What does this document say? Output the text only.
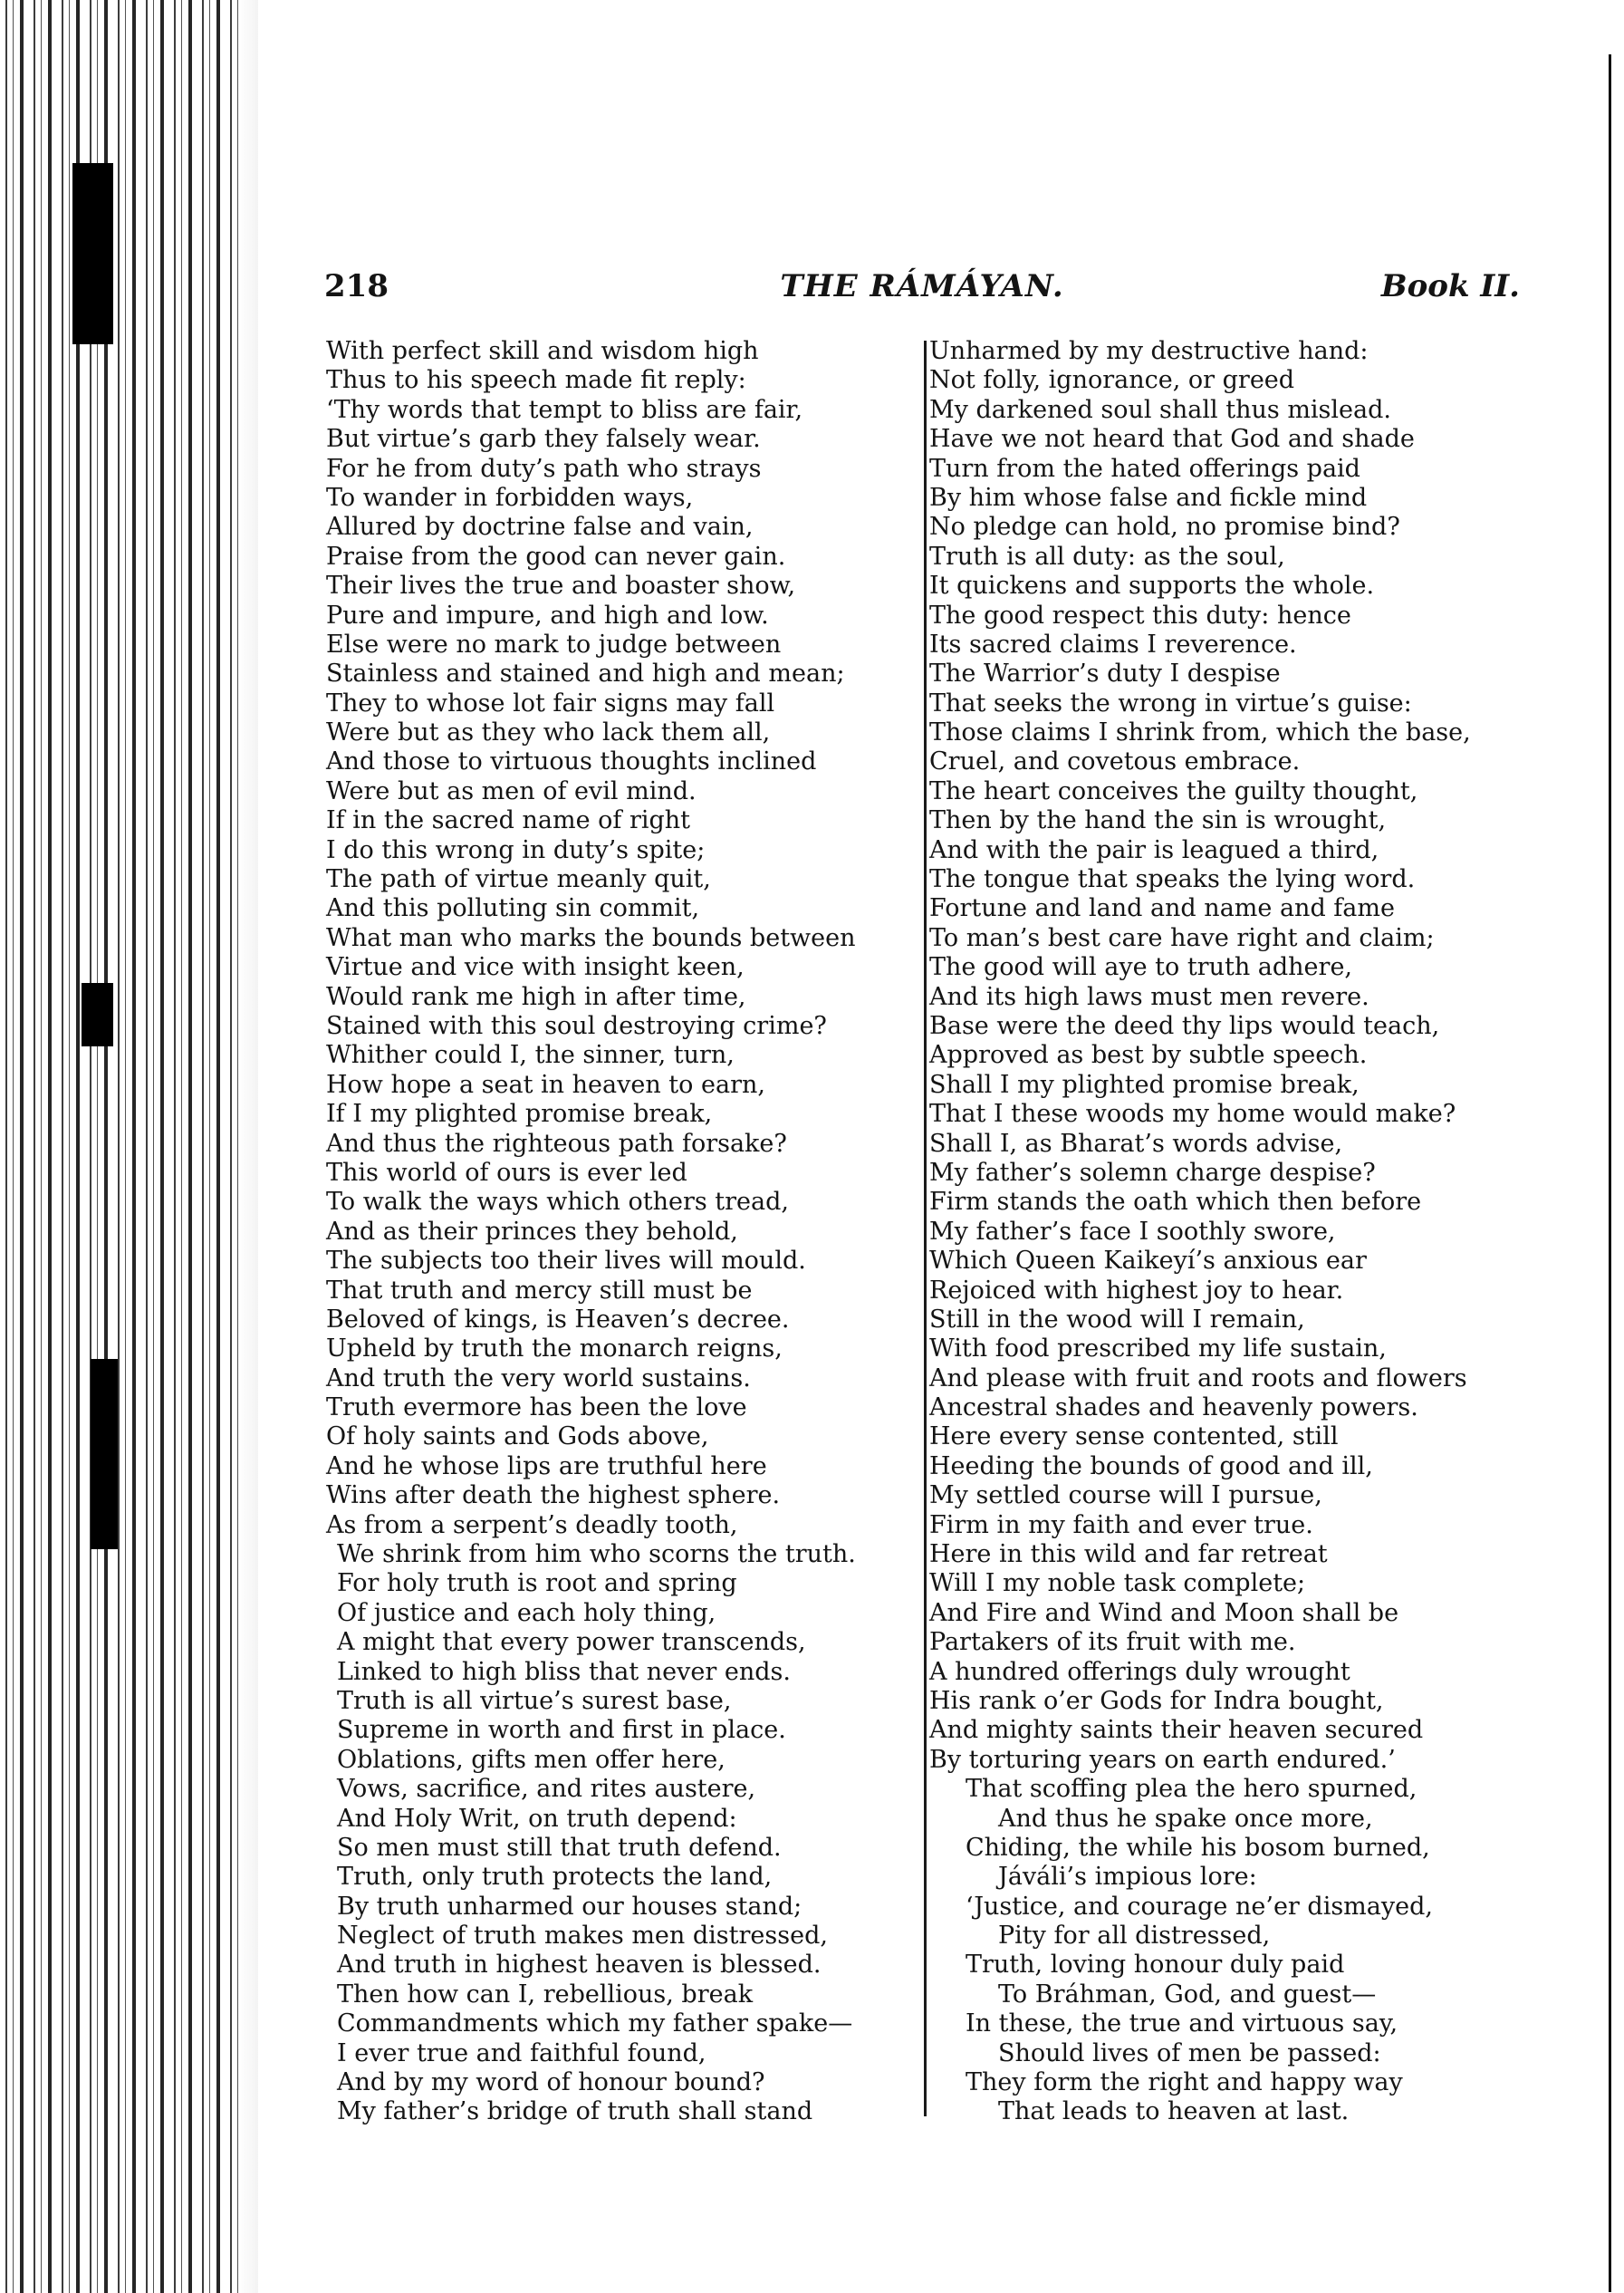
218	THE RÁMÁYAN.	Book II.
With perfect skill and wisdom high
Thus to his speech made fit reply:
‘Thy words that tempt to bliss are fair,
But virtue’s garb they falsely wear.
For he from duty’s path who strays
To wander in forbidden ways,
Allured by doctrine false and vain,
Praise from the good can never gain.
Their lives the true and boaster show,
Pure and impure, and high and low.
Else were no mark to judge between
Stainless and stained and high and mean;
They to whose lot fair signs may fall
Were but as they who lack them all,
And those to virtuous thoughts inclined
Were but as men of evil mind.
If in the sacred name of right
I do this wrong in duty’s spite;
The path of virtue meanly quit,
And this polluting sin commit,
What man who marks the bounds between
Virtue and vice with insight keen,
Would rank me high in after time,
Stained with this soul destroying crime?
Whither could I, the sinner, turn,
How hope a seat in heaven to earn,
If I my plighted promise break,
And thus the righteous path forsake?
This world of ours is ever led
To walk the ways which others tread,
And as their princes they behold,
The subjects too their lives will mould.
That truth and mercy still must be
Beloved of kings, is Heaven’s decree.
Upheld by truth the monarch reigns,
And truth the very world sustains.
Truth evermore has been the love
Of holy saints and Gods above,
And he whose lips are truthful here
Wins after death the highest sphere.
As from a serpent’s deadly tooth,
We shrink from him who scorns the truth.
For holy truth is root and spring
Of justice and each holy thing,
A might that every power transcends,
Linked to high bliss that never ends.
Truth is all virtue’s surest base,
Supreme in worth and first in place.
Oblations, gifts men offer here,
Vows, sacrifice, and rites austere,
And Holy Writ, on truth depend:
So men must still that truth defend.
Truth, only truth protects the land,
By truth unharmed our houses stand;
Neglect of truth makes men distressed,
And truth in highest heaven is blessed.
Then how can I, rebellious, break
Commandments which my father spake—
I ever true and faithful found,
And by my word of honour bound?
My father’s bridge of truth shall stand
Unharmed by my destructive hand:
Not folly, ignorance, or greed
My darkened soul shall thus mislead.
Have we not heard that God and shade
Turn from the hated offerings paid
By him whose false and fickle mind
No pledge can hold, no promise bind?
Truth is all duty: as the soul,
It quickens and supports the whole.
The good respect this duty: hence
Its sacred claims I reverence.
The Warrior’s duty I despise
That seeks the wrong in virtue’s guise:
Those claims I shrink from, which the base,
Cruel, and covetous embrace.
The heart conceives the guilty thought,
Then by the hand the sin is wrought,
And with the pair is leagued a third,
The tongue that speaks the lying word.
Fortune and land and name and fame
To man’s best care have right and claim;
The good will aye to truth adhere,
And its high laws must men revere.
Base were the deed thy lips would teach,
Approved as best by subtle speech.
Shall I my plighted promise break,
That I these woods my home would make?
Shall I, as Bharat’s words advise,
My father’s solemn charge despise?
Firm stands the oath which then before
My father’s face I soothly swore,
Which Queen Kaikeyí’s anxious ear
Rejoiced with highest joy to hear.
Still in the wood will I remain,
With food prescribed my life sustain,
And please with fruit and roots and flowers
Ancestral shades and heavenly powers.
Here every sense contented, still
Heeding the bounds of good and ill,
My settled course will I pursue,
Firm in my faith and ever true.
Here in this wild and far retreat
Will I my noble task complete;
And Fire and Wind and Moon shall be
Partakers of its fruit with me.
A hundred offerings duly wrought
His rank o’er Gods for Indra bought,
And mighty saints their heaven secured
By torturing years on earth endured.’
That scoffing plea the hero spurned,
And thus he spake once more,
Chiding, the while his bosom burned,
Jáváli’s impious lore:
‘Justice, and courage ne’er dismayed,
Pity for all distressed,
Truth, loving honour duly paid
To Bráhman, God, and guest—
In these, the true and virtuous say,
Should lives of men be passed:
They form the right and happy way
That leads to heaven at last.
